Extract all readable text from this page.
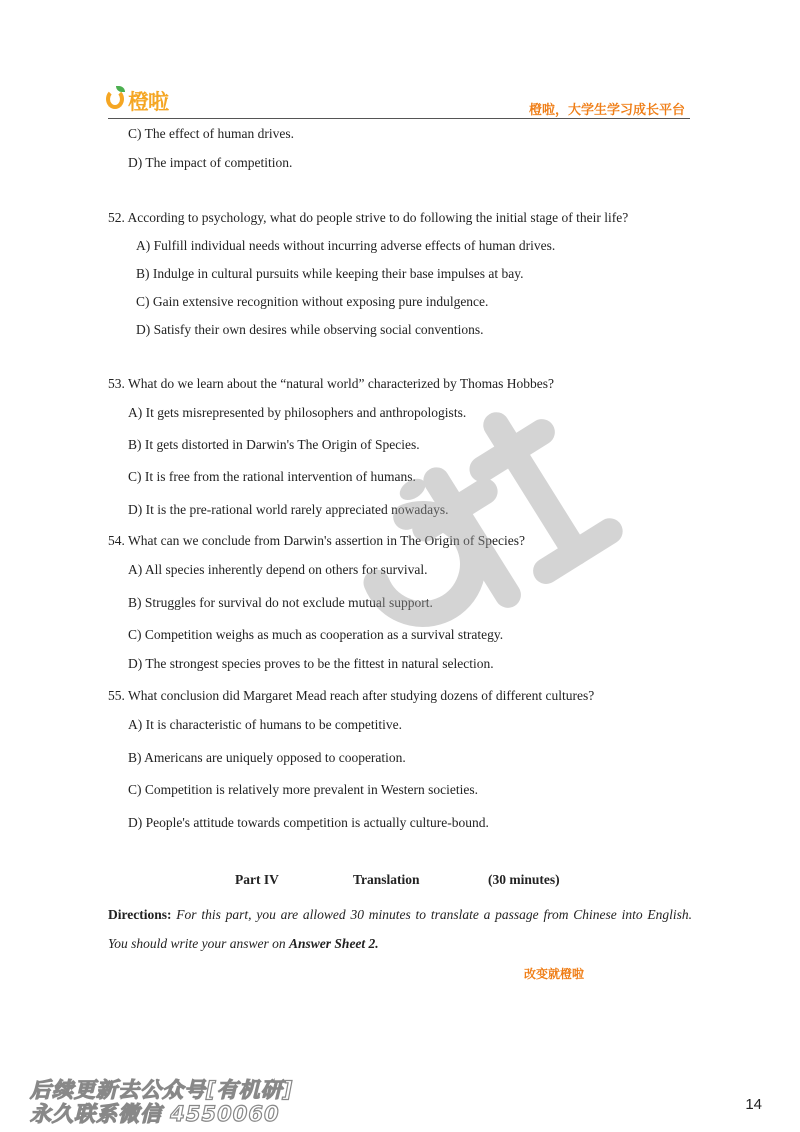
橙啦	橙啦，大学生学习成长平台
C) The effect of human drives.
D) The impact of competition.
52. According to psychology, what do people strive to do following the initial stage of their life?
A) Fulfill individual needs without incurring adverse effects of human drives.
B) Indulge in cultural pursuits while keeping their base impulses at bay.
C) Gain extensive recognition without exposing pure indulgence.
D) Satisfy their own desires while observing social conventions.
53. What do we learn about the “natural world” characterized by Thomas Hobbes?
A) It gets misrepresented by philosophers and anthropologists.
B) It gets distorted in Darwin's The Origin of Species.
C) It is free from the rational intervention of humans.
D) It is the pre-rational world rarely appreciated nowadays.
54. What can we conclude from Darwin's assertion in The Origin of Species?
A) All species inherently depend on others for survival.
B) Struggles for survival do not exclude mutual support.
C) Competition weighs as much as cooperation as a survival strategy.
D) The strongest species proves to be the fittest in natural selection.
55. What conclusion did Margaret Mead reach after studying dozens of different cultures?
A) It is characteristic of humans to be competitive.
B) Americans are uniquely opposed to cooperation.
C) Competition is relatively more prevalent in Western societies.
D) People's attitude towards competition is actually culture-bound.
Part IV	Translation	(30 minutes)
Directions: For this part, you are allowed 30 minutes to translate a passage from Chinese into English. You should write your answer on Answer Sheet 2.
改变就橙啦
后续更新去公众号[有机研]
永久联系微信 4550060	14
